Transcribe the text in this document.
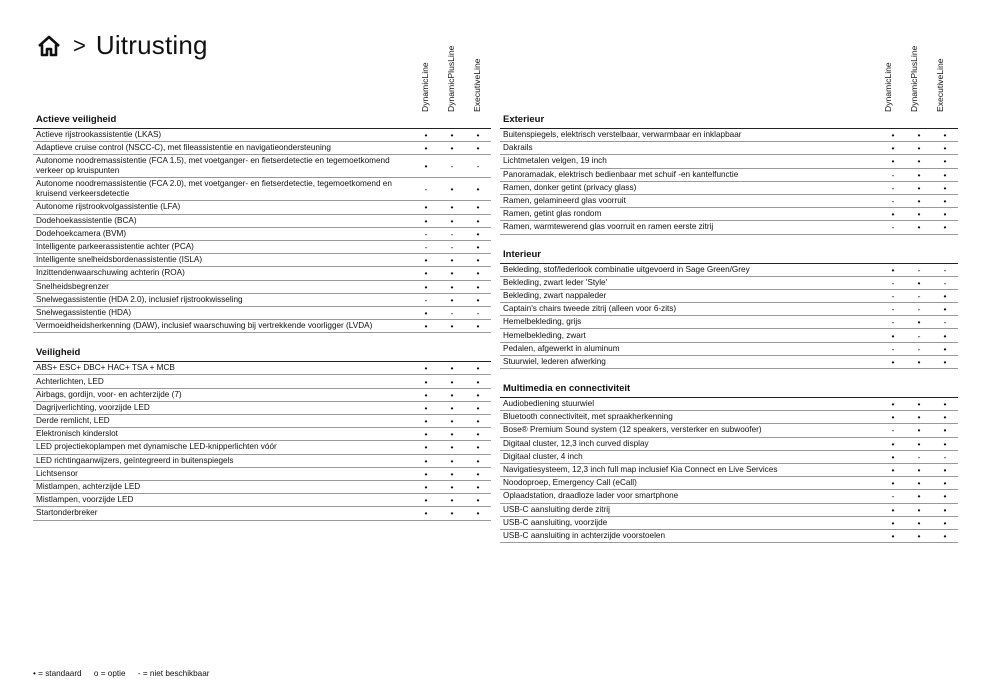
> Uitrusting
DynamicLine DynamicPlusLine ExecutiveLine
Actieve veiligheid
Actieve rijstrookassistentie (LKAS)	•	•	•
Adaptieve cruise control (NSCC-C), met fileassistentie en navigatieondersteuning	•	•	•
Autonome noodremassistentie (FCA 1.5), met voetganger- en fietserdetectie en tegemoetkomend verkeer op kruispunten	•	-	-
Autonome noodremassistentie (FCA 2.0), met voetganger- en fietserdetectie, tegemoetkomend en kruisend verkeersdetectie	-	•	•
Autonome rijstrookvolgassistentie (LFA)	•	•	•
Dodehoekassistentie (BCA)	•	•	•
Dodehoekcamera (BVM)	-	-	•
Intelligente parkeerassistentie achter (PCA)	-	-	•
Intelligente snelheidsbordenassistentie (ISLA)	•	•	•
Inzittendenwaarschuwing achterin (ROA)	•	•	•
Snelheidsbegrenzer	•	•	•
Snelwegassistentie (HDA 2.0), inclusief rijstrookwisseling	-	•	•
Snelwegassistentie (HDA)	•	-	-
Vermoeidheidsherkenning (DAW), inclusief waarschuwing bij vertrekkende voorligger (LVDA)	•	•	•
Veiligheid
ABS+ ESC+ DBC+ HAC+ TSA + MCB	•	•	•
Achterlichten, LED	•	•	•
Airbags, gordijn, voor- en achterzijde (7)	•	•	•
Dagrijverlichting, voorzijde LED	•	•	•
Derde remlicht, LED	•	•	•
Elektronisch kinderslot	•	•	•
LED projectiekoplampen met dynamische LED-knipperlichten vóór	•	•	•
LED richtingaanwijzers, geïntegreerd in buitenspiegels	•	•	•
Lichtsensor	•	•	•
Mistlampen, achterzijde LED	•	•	•
Mistlampen, voorzijde LED	•	•	•
Startonderbreker	•	•	•
DynamicLine DynamicPlusLine ExecutiveLine
Exterieur
Buitenspiegels, elektrisch verstelbaar, verwarmbaar en inklapbaar	•	•	•
Dakrails	•	•	•
Lichtmetalen velgen, 19 inch	•	•	•
Panoramadak, elektrisch bedienbaar met schuif -en kantelfunctie	-	•	•
Ramen, donker getint (privacy glass)	-	•	•
Ramen, gelamineerd glas voorruit	-	•	•
Ramen, getint glas rondom	•	•	•
Ramen, warmtewerend glas voorruit en ramen eerste zitrij	-	•	•
Interieur
Bekleding, stof/lederlook combinatie uitgevoerd in Sage Green/Grey	•	-	-
Bekleding, zwart leder 'Style'	-	•	-
Bekleding, zwart nappaleder	-	-	•
Captain's chairs tweede zitrij (alleen voor 6-zits)	-	-	•
Hemelbekleding, grijs	-	•	-
Hemelbekleding, zwart	•	-	•
Pedalen, afgewerkt in aluminum	-	-	•
Stuurwiel, lederen afwerking	•	•	•
Multimedia en connectiviteit
Audiobediening stuurwiel	•	•	•
Bluetooth connectiviteit, met spraakherkenning	•	•	•
Bose® Premium Sound system (12 speakers, versterker en subwoofer)	-	•	•
Digitaal cluster, 12,3 inch curved display	•	•	•
Digitaal cluster, 4 inch	•	-	-
Navigatiesysteem, 12,3 inch full map inclusief Kia Connect en Live Services	•	•	•
Noodoproep, Emergency Call (eCall)	•	•	•
Oplaadstation, draadloze lader voor smartphone	-	•	•
USB-C aansluiting derde zitrij	•	•	•
USB-C aansluiting, voorzijde	•	•	•
USB-C aansluiting in achterzijde voorstoelen	•	•	•
• = standaard o = optie - = niet beschikbaar
